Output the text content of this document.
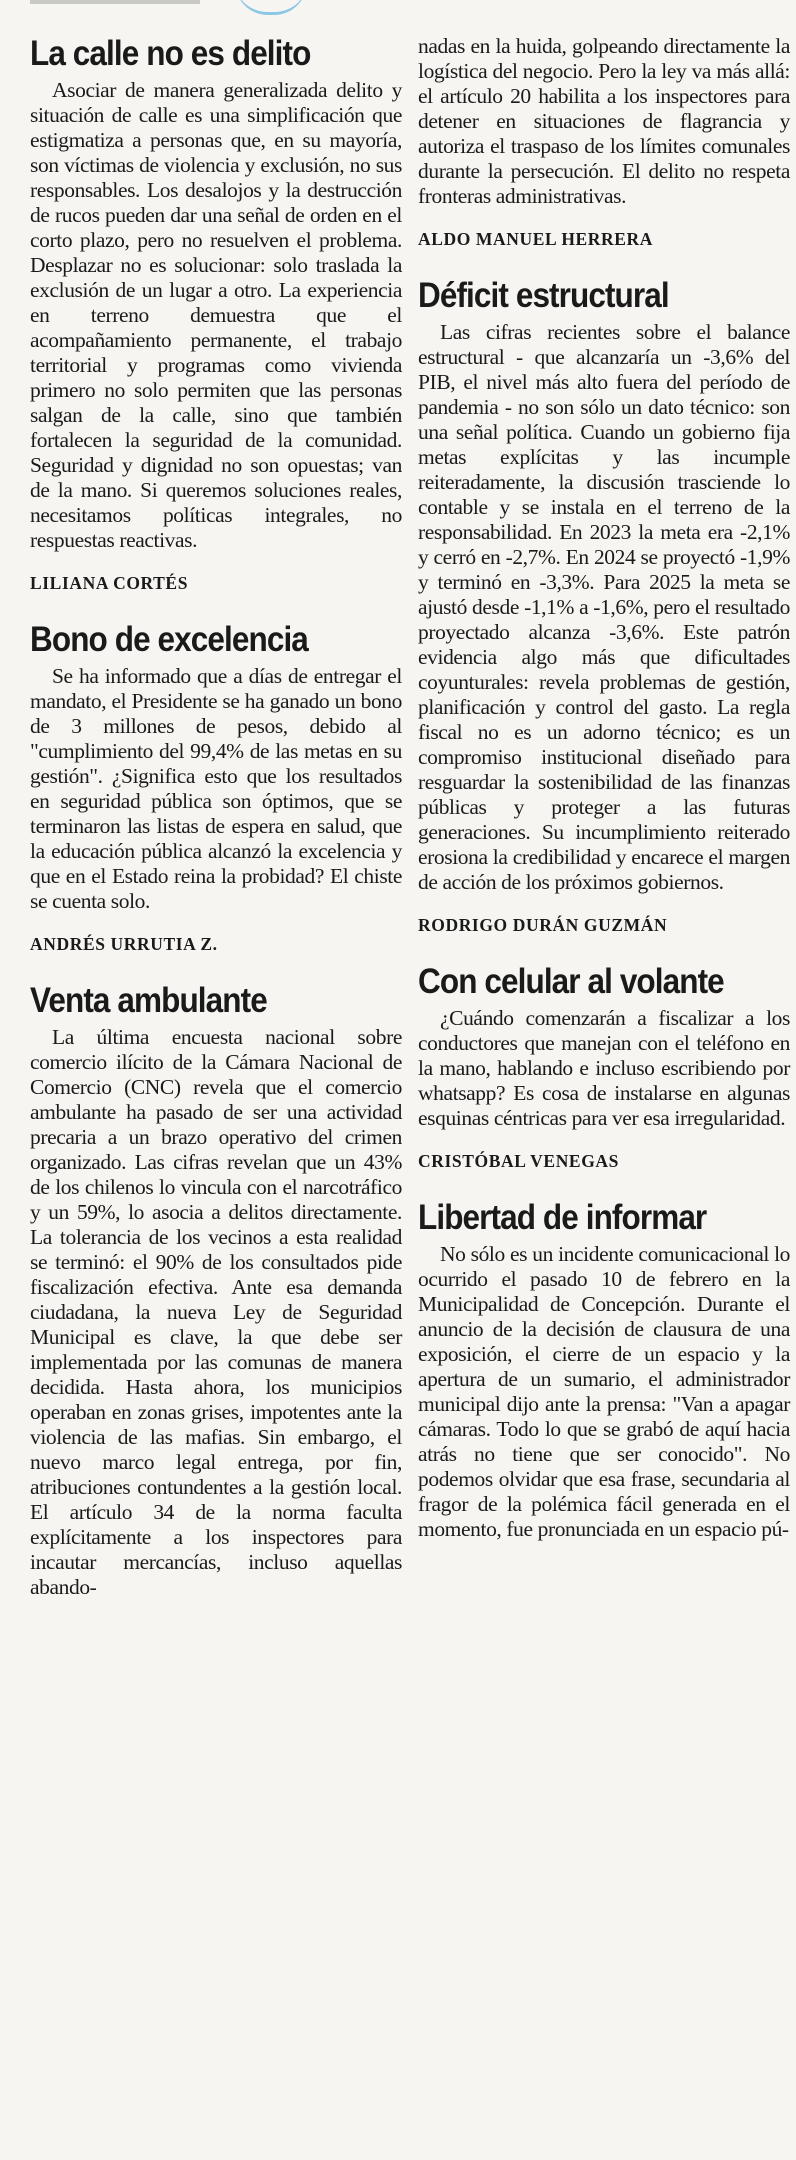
La calle no es delito

Asociar de manera generalizada delito y situación de calle es una simplificación que estigmatiza a personas que, en su mayoría, son víctimas de violencia y exclusión, no sus responsables. Los desalojos y la destrucción de rucos pueden dar una señal de orden en el corto plazo, pero no resuelven el problema. Desplazar no es solucionar: solo traslada la exclusión de un lugar a otro. La experiencia en terreno demuestra que el acompañamiento permanente, el trabajo territorial y programas como vivienda primero no solo permiten que las personas salgan de la calle, sino que también fortalecen la seguridad de la comunidad. Seguridad y dignidad no son opuestas; van de la mano. Si queremos soluciones reales, necesitamos políticas integrales, no respuestas reactivas.

LILIANA CORTÉS
Bono de excelencia

Se ha informado que a días de entregar el mandato, el Presidente se ha ganado un bono de 3 millones de pesos, debido al "cumplimiento del 99,4% de las metas en su gestión". ¿Significa esto que los resultados en seguridad pública son óptimos, que se terminaron las listas de espera en salud, que la educación pública alcanzó la excelencia y que en el Estado reina la probidad? El chiste se cuenta solo.

ANDRÉS URRUTIA Z.
Venta ambulante

La última encuesta nacional sobre comercio ilícito de la Cámara Nacional de Comercio (CNC) revela que el comercio ambulante ha pasado de ser una actividad precaria a un brazo operativo del crimen organizado. Las cifras revelan que un 43% de los chilenos lo vincula con el narcotráfico y un 59%, lo asocia a delitos directamente. La tolerancia de los vecinos a esta realidad se terminó: el 90% de los consultados pide fiscalización efectiva. Ante esa demanda ciudadana, la nueva Ley de Seguridad Municipal es clave, la que debe ser implementada por las comunas de manera decidida. Hasta ahora, los municipios operaban en zonas grises, impotentes ante la violencia de las mafias. Sin embargo, el nuevo marco legal entrega, por fin, atribuciones contundentes a la gestión local. El artículo 34 de la norma faculta explícitamente a los inspectores para incautar mercancías, incluso aquellas abando-

nadas en la huida, golpeando directamente la logística del negocio. Pero la ley va más allá: el artículo 20 habilita a los inspectores para detener en situaciones de flagrancia y autoriza el traspaso de los límites comunales durante la persecución. El delito no respeta fronteras administrativas.

ALDO MANUEL HERRERA
Déficit estructural

Las cifras recientes sobre el balance estructural - que alcanzaría un -3,6% del PIB, el nivel más alto fuera del período de pandemia - no son sólo un dato técnico: son una señal política. Cuando un gobierno fija metas explícitas y las incumple reiteradamente, la discusión trasciende lo contable y se instala en el terreno de la responsabilidad. En 2023 la meta era -2,1% y cerró en -2,7%. En 2024 se proyectó -1,9% y terminó en -3,3%. Para 2025 la meta se ajustó desde -1,1% a -1,6%, pero el resultado proyectado alcanza -3,6%. Este patrón evidencia algo más que dificultades coyunturales: revela problemas de gestión, planificación y control del gasto. La regla fiscal no es un adorno técnico; es un compromiso institucional diseñado para resguardar la sostenibilidad de las finanzas públicas y proteger a las futuras generaciones. Su incumplimiento reiterado erosiona la credibilidad y encarece el margen de acción de los próximos gobiernos.

RODRIGO DURÁN GUZMÁN
Con celular al volante

¿Cuándo comenzarán a fiscalizar a los conductores que manejan con el teléfono en la mano, hablando e incluso escribiendo por whatsapp? Es cosa de instalarse en algunas esquinas céntricas para ver esa irregularidad.

CRISTÓBAL VENEGAS
Libertad de informar

No sólo es un incidente comunicacional lo ocurrido el pasado 10 de febrero en la Municipalidad de Concepción. Durante el anuncio de la decisión de clausura de una exposición, el cierre de un espacio y la apertura de un sumario, el administrador municipal dijo ante la prensa: "Van a apagar cámaras. Todo lo que se grabó de aquí hacia atrás no tiene que ser conocido". No podemos olvidar que esa frase, secundaria al fragor de la polémica fácil generada en el momento, fue pronunciada en un espacio pú-
